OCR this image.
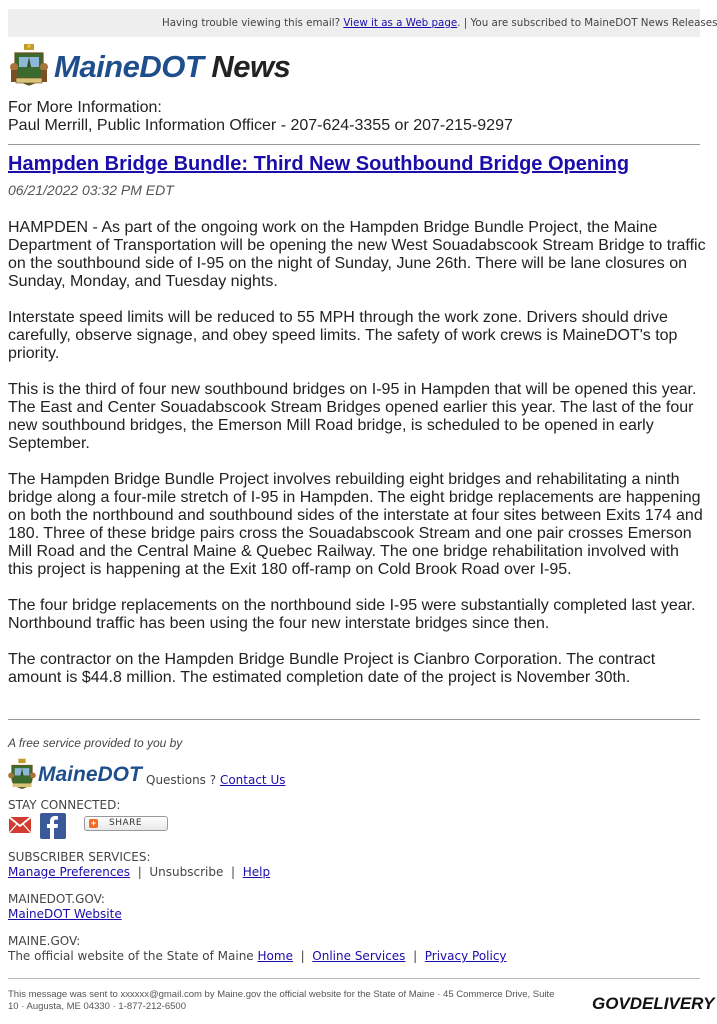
Having trouble viewing this email? View it as a Web page. | You are subscribed to MaineDOT News Releases
MaineDOT News
For More Information:
Paul Merrill, Public Information Officer - 207-624-3355 or 207-215-9297
Hampden Bridge Bundle: Third New Southbound Bridge Opening
06/21/2022 03:32 PM EDT
HAMPDEN - As part of the ongoing work on the Hampden Bridge Bundle Project, the Maine
Department of Transportation will be opening the new West Souadabscook Stream Bridge to traffic
on the southbound side of I-95 on the night of Sunday, June 26th. There will be lane closures on
Sunday, Monday, and Tuesday nights.
Interstate speed limits will be reduced to 55 MPH through the work zone. Drivers should drive
carefully, observe signage, and obey speed limits. The safety of work crews is MaineDOT's top
priority.
This is the third of four new southbound bridges on I-95 in Hampden that will be opened this year.
The East and Center Souadabscook Stream Bridges opened earlier this year. The last of the four
new southbound bridges, the Emerson Mill Road bridge, is scheduled to be opened in early
September.
The Hampden Bridge Bundle Project involves rebuilding eight bridges and rehabilitating a ninth
bridge along a four-mile stretch of I-95 in Hampden. The eight bridge replacements are happening
on both the northbound and southbound sides of the interstate at four sites between Exits 174 and
180. Three of these bridge pairs cross the Souadabscook Stream and one pair crosses Emerson
Mill Road and the Central Maine & Quebec Railway. The one bridge rehabilitation involved with
this project is happening at the Exit 180 off-ramp on Cold Brook Road over I-95.
The four bridge replacements on the northbound side I-95 were substantially completed last year.
Northbound traffic has been using the four new interstate bridges since then.
The contractor on the Hampden Bridge Bundle Project is Cianbro Corporation. The contract
amount is $44.8 million. The estimated completion date of the project is November 30th.
A free service provided to you by
MaineDOT Questions ? Contact Us
STAY CONNECTED:
+ SHARE
SUBSCRIBER SERVICES:
Manage Preferences | Unsubscribe | Help
MAINEDOT.GOV:
MaineDOT Website
MAINE.GOV:
The official website of the State of Maine Home | Online Services | Privacy Policy
This message was sent to xxxxxx@gmail.com by Maine.gov the official website for the State of Maine · 45 Commerce Drive, Suite
10 · Augusta, ME 04330 · 1-877-212-6500	GOVDELIVERY
